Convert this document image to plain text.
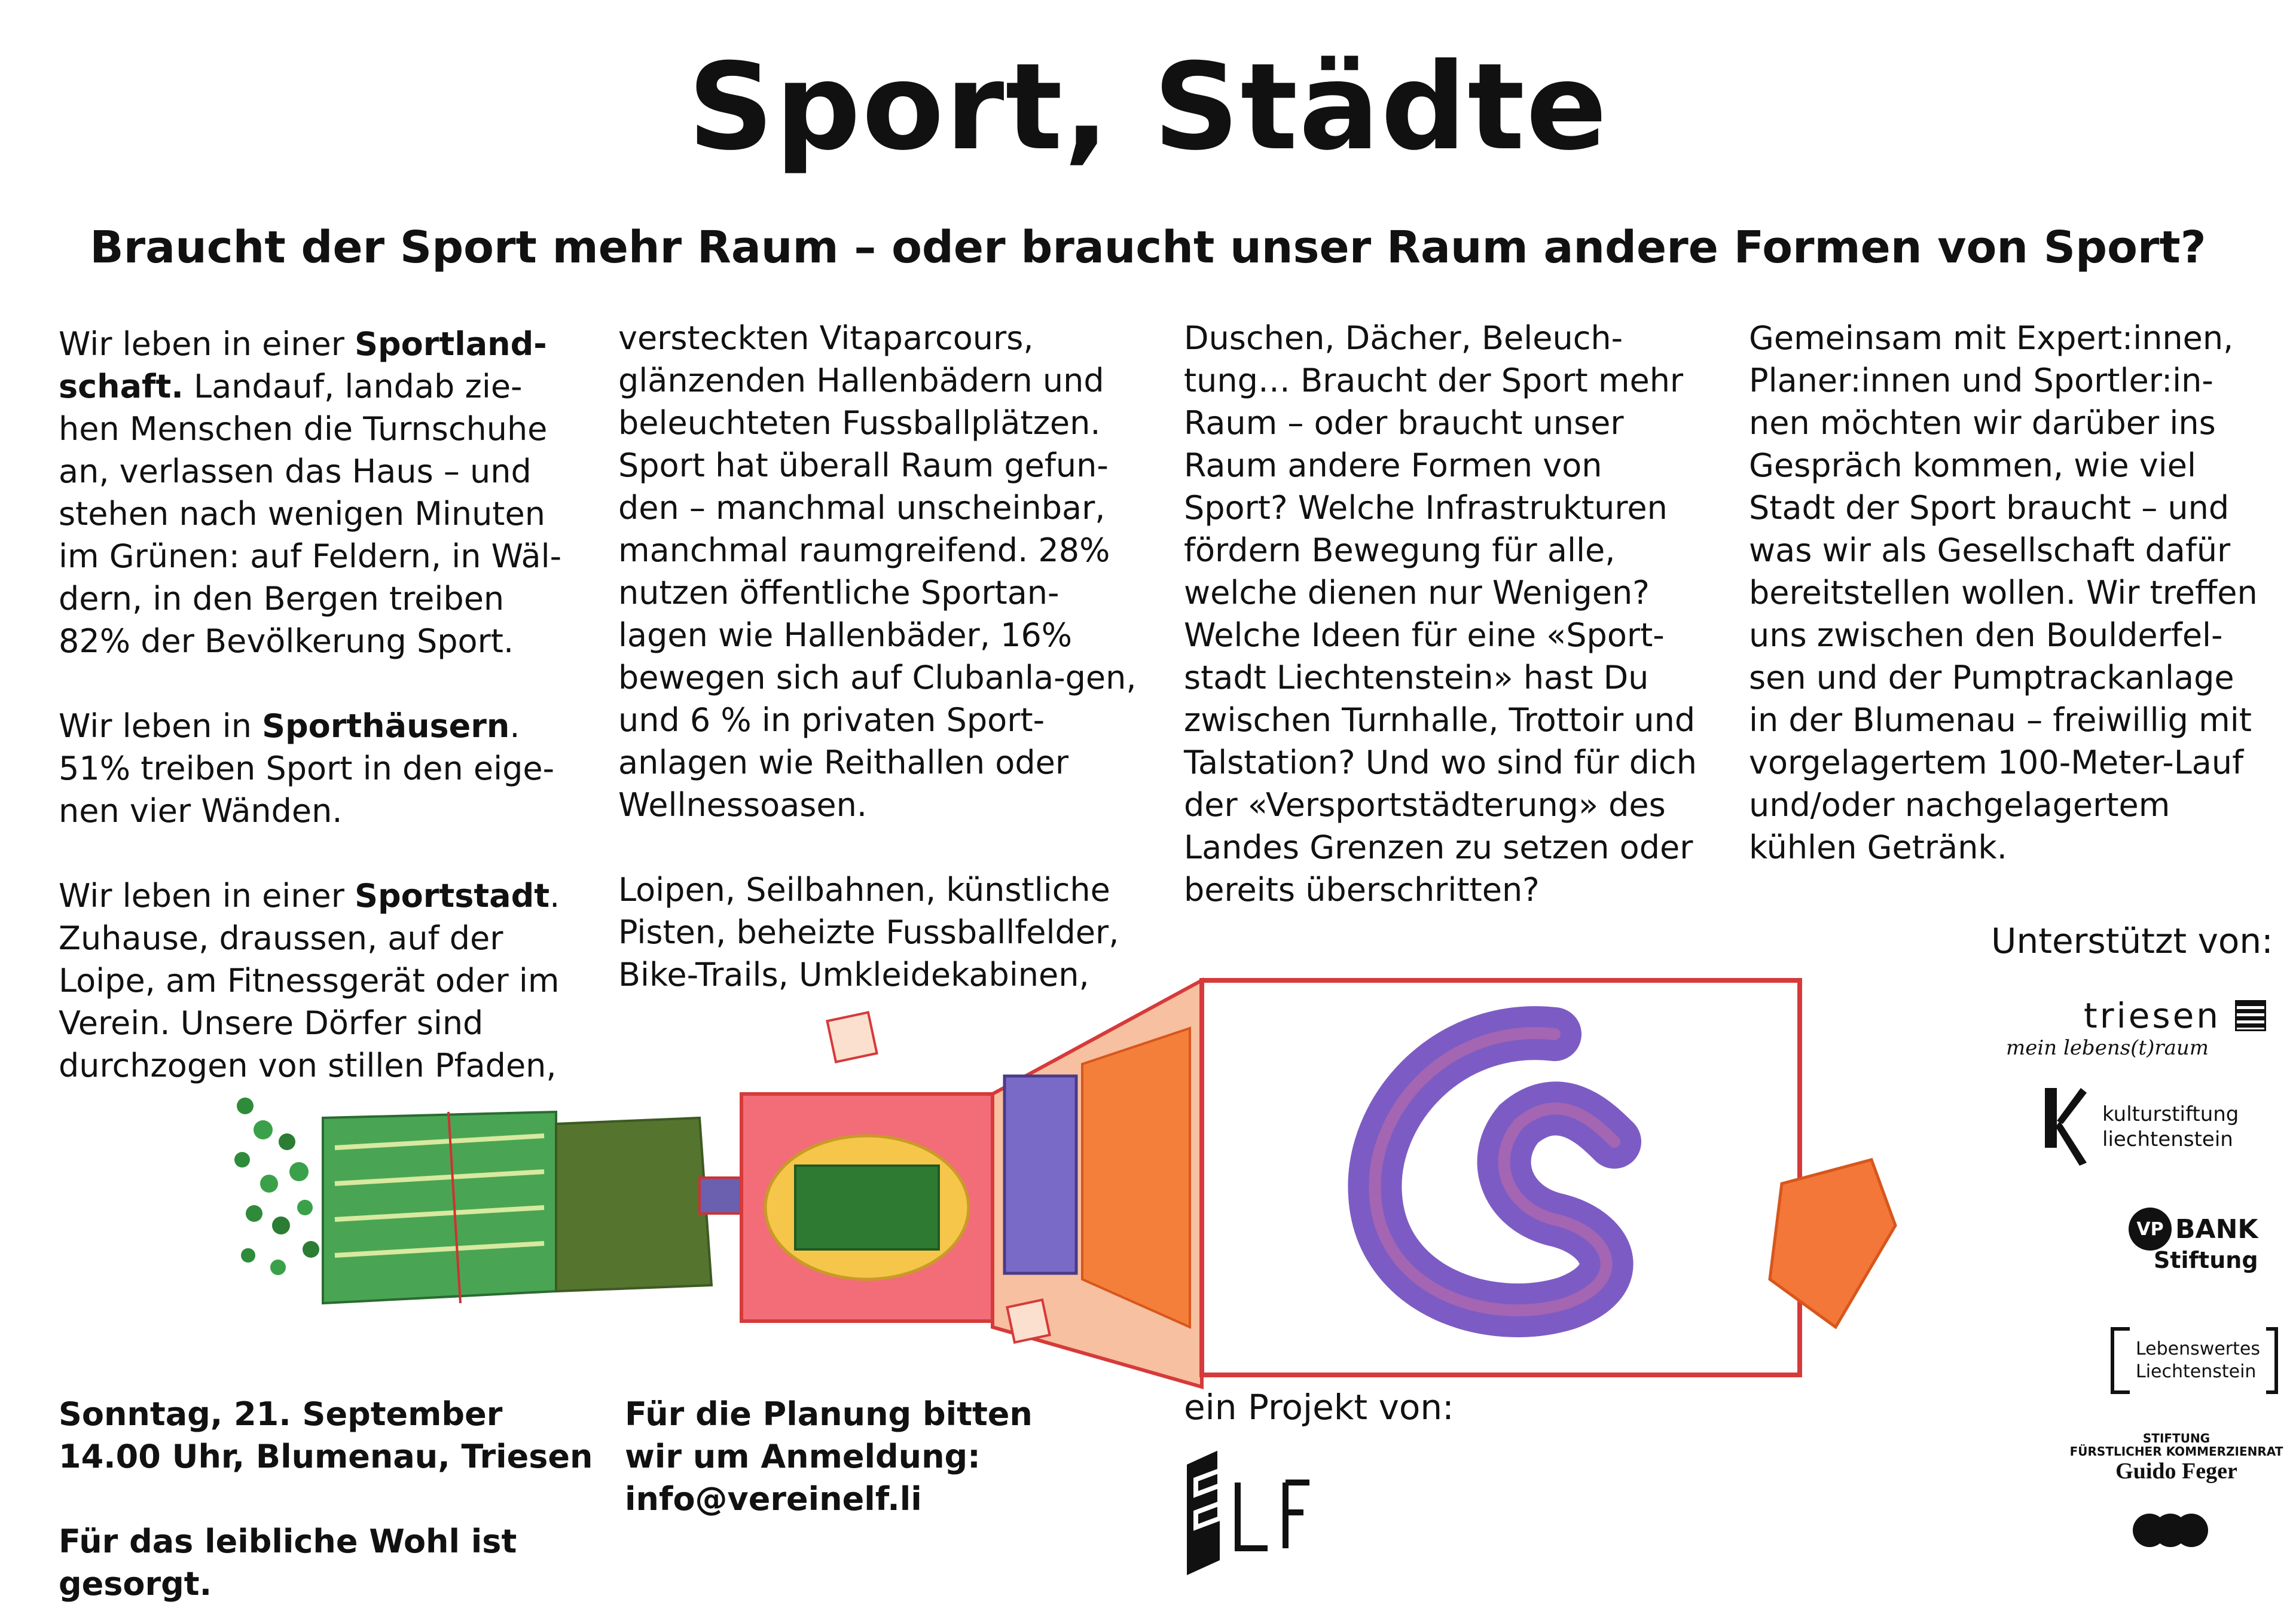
Sport, Städte
Braucht der Sport mehr Raum – oder braucht unser Raum andere Formen von Sport?

Wir leben in einer Sportland-schaft. Landauf, landab zie-hen Menschen die Turnschuhe an, verlassen das Haus – und stehen nach wenigen Minuten im Grünen: auf Feldern, in Wäl-dern, in den Bergen treiben 82% der Bevölkerung Sport.

Wir leben in Sporthäusern. 51% treiben Sport in den eige-nen vier Wänden.

Wir leben in einer Sportstadt. Zuhause, draussen, auf der Loipe, am Fitnessgerät oder im Verein. Unsere Dörfer sind durchzogen von stillen Pfaden,

versteckten Vitaparcours, glänzenden Hallenbädern und beleuchteten Fussballplätzen. Sport hat überall Raum gefun-den – manchmal unscheinbar, manchmal raumgreifend. 28% nutzen öffentliche Sportan-lagen wie Hallenbäder, 16% bewegen sich auf Clubanla-gen, und 6 % in privaten Sport-anlagen wie Reithallen oder Wellnessoasen.

Loipen, Seilbahnen, künstliche Pisten, beheizte Fussballfelder, Bike-Trails, Umkleidekabinen,

Duschen, Dächer, Beleuch-tung… Braucht der Sport mehr Raum – oder braucht unser Raum andere Formen von Sport? Welche Infrastrukturen fördern Bewegung für alle, welche dienen nur Wenigen? Welche Ideen für eine «Sport-stadt Liechtenstein» hast Du zwischen Turnhalle, Trottoir und Talstation? Und wo sind für dich der «Versportstädterung» des Landes Grenzen zu setzen oder bereits überschritten?

Gemeinsam mit Expert:innen, Planer:innen und Sportler:in-nen möchten wir darüber ins Gespräch kommen, wie viel Stadt der Sport braucht – und was wir als Gesellschaft dafür bereitstellen wollen. Wir treffen uns zwischen den Boulderfel-sen und der Pumptrackanlage in der Blumenau – freiwillig mit vorgelagertem 100-Meter-Lauf und/oder nachgelagertem kühlen Getränk.

Unterstützt von:
triesen
mein lebens(t)raum
kulturstiftung
liechtenstein
VP BANK
Stiftung
Lebenswertes
Liechtenstein
STIFTUNG
FÜRSTLICHER KOMMERZIENRAT
Guido Feger
Sonntag, 21. September
14.00 Uhr, Blumenau, Triesen
Für das leibliche Wohl ist
gesorgt.
Für die Planung bitten
wir um Anmeldung:
info@vereinelf.li
ein Projekt von:
